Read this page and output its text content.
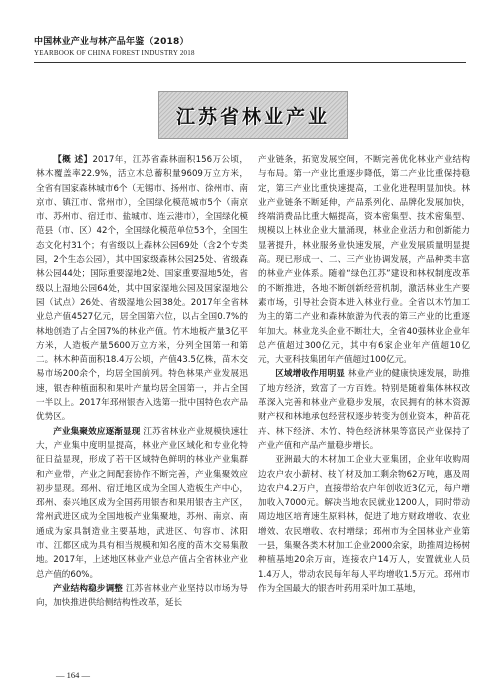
中国林业产业与林产品年鉴（2018）
YEARBOOK OF CHINA FOREST INDUSTRY 2018
江苏省林业产业

【概 述】2017年，江苏省森林面积156万公顷，林木覆盖率22.9%，活立木总蓄积量9609万立方米，全省有国家森林城市6个（无锡市、扬州市、徐州市、南京市、镇江市、常州市），全国绿化模范城市5个（南京市、苏州市、宿迁市、盐城市、连云港市），全国绿化模范县（市、区）42个，全国绿化模范单位53个，全国生态文化村31个；有省级以上森林公园69处（含2个专类园，2个生态公园），其中国家级森林公园25处、省级森林公园44处；国际重要湿地2处、国家重要湿地5处，省级以上湿地公园64处，其中国家湿地公园及国家湿地公园（试点）26处、省级湿地公园38处。2017年全省林业总产值4527亿元，居全国第六位，以占全国0.7%的林地创造了占全国7%的林业产值。竹木地板产量3亿平方米，人造板产量5600万立方米，分列全国第一和第二。林木种苗面积18.4万公顷，产值43.5亿株，苗木交易市场200余个，均居全国前列。特色林果产业发展迅速，银杏种植面积和果叶产量均居全国第一，并占全国一半以上。2017年邳州银杏入选第一批中国特色农产品优势区。

产业集聚效应逐渐显现 江苏省林业产业规模快速壮大，产业集中度明显提高，林业产业区域化和专业化特征日益显现，形成了若干区域特色鲜明的林业产业集群和产业带，产业之间配套协作不断完善，产业集聚效应初步显现。邳州、宿迁地区成为全国人造板生产中心，邳州、泰兴地区成为全国药用银杏和果用银杏主产区，常州武进区成为全国地板产业集聚地，苏州、南京、南通成为家具制造业主要基地，武进区、句容市、沭阳市、江都区成为具有相当规模和知名度的苗木交易集散地。2017年，上述地区林业产业总产值占全省林业产业总产值的60%。

产业结构稳步调整 江苏省林业产业坚持以市场为导向，加快推进供给侧结构性改革，延长

产业链条，拓宽发展空间，不断完善优化林业产业结构与布局。第一产业比重逐步降低，第二产业比重保持稳定，第三产业比重快速提高，工业化进程明显加快。林业产业链条不断延伸，产品系列化、品牌化发展加快，终端消费品比重大幅提高，资本密集型、技术密集型、规模以上林业企业大量涌现，林业企业活力和创新能力显著提升，林业服务业快速发展，产业发展质量明显提高。现已形成一、二、三产业协调发展，产品种类丰富的林业产业体系。随着“绿色江苏”建设和林权制度改革的不断推进，各地不断创新经营机制，激活林业生产要素市场，引导社会资本进入林业行业。全省以木竹加工为主的第二产业和森林旅游为代表的第三产业的比重逐年加大。林业龙头企业不断壮大，全省40强林业企业年总产值超过300亿元，其中有6家企业年产值超10亿元，大亚科技集团年产值超过100亿元。

区域增收作用明显 林业产业的健康快速发展，助推了地方经济，致富了一方百姓。特别是随着集体林权改革深入完善和林业产业稳步发展，农民拥有的林木资源财产权和林地承包经营权逐步转变为创业资本，种苗花卉、林下经济、木竹、特色经济林果等富民产业保持了产业产值和产品产量稳步增长。

亚洲最大的木材加工企业大亚集团，企业年收购周边农户农小薪材、枝丫材及加工剩余物62万吨，惠及周边农户4.2万户，直接带给农户年创收近3亿元，每户增加收入7000元。解决当地农民就业1200人，同时带动周边地区培育速生原料林，促进了地方财政增收、农业增效、农民增收、农村增绿；邳州市为全国林业产业第一县，集聚各类木材加工企业2000余家，助推周边杨树种植基地20余万亩，连接农户14万人，安置就业人员1.4万人，带动农民每年每人平均增收1.5万元。邳州市作为全国最大的银杏叶药用采叶加工基地，

— 164 —
